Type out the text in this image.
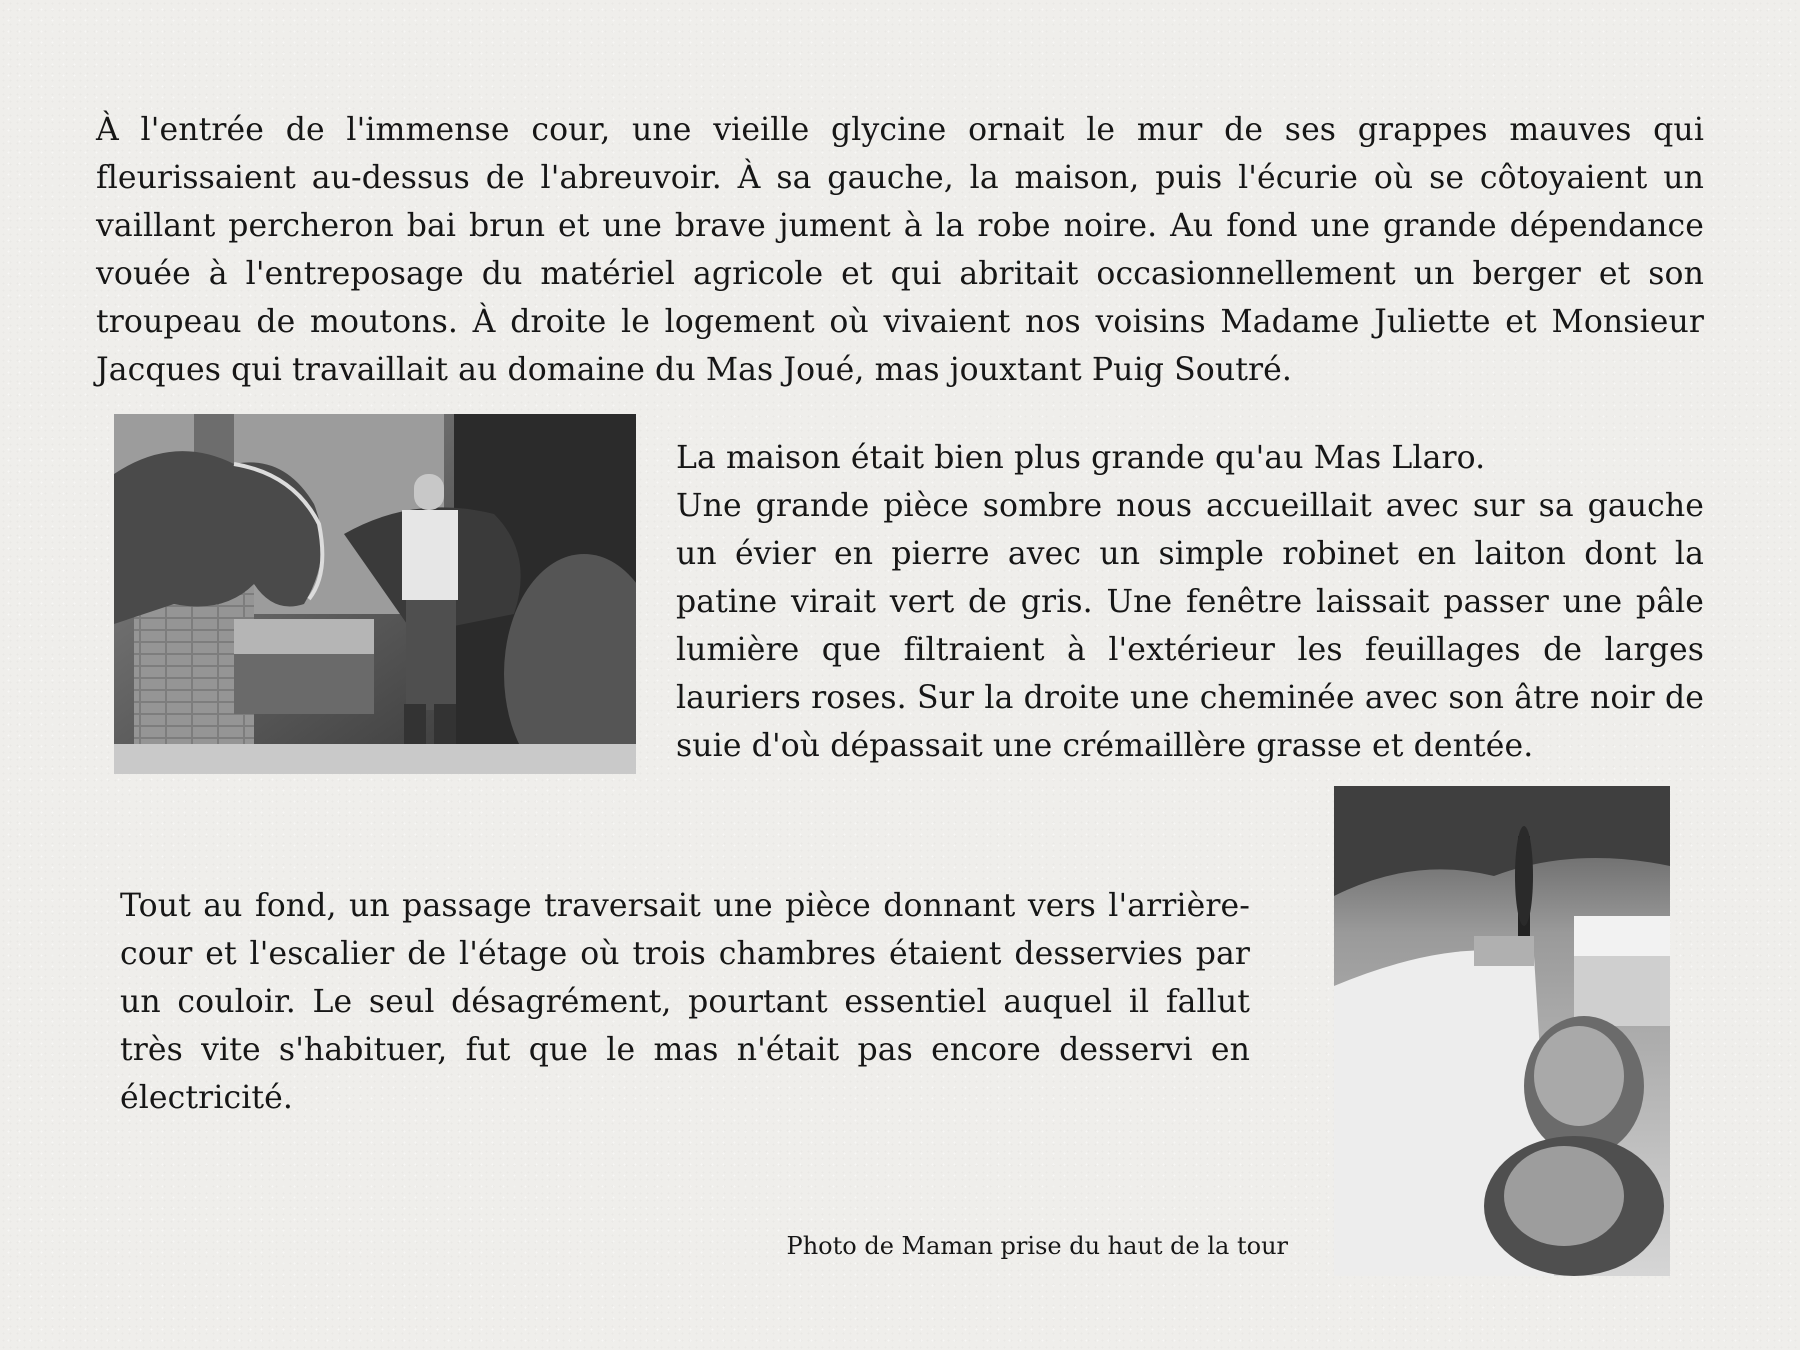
À l'entrée de l'immense cour, une vieille glycine ornait le mur de ses grappes mauves qui fleurissaient au-dessus de l'abreuvoir. À sa gauche, la maison, puis l'écurie où se côtoyaient un vaillant percheron bai brun et une brave jument à la robe noire. Au fond une grande dépendance vouée à l'entreposage du matériel agricole et qui abritait occasionnellement un berger et son troupeau de moutons. À droite le logement où vivaient nos voisins Madame Juliette et Monsieur Jacques qui travaillait au domaine du Mas Joué, mas jouxtant Puig Soutré.

La maison était bien plus grande qu'au Mas Llaro.
Une grande pièce sombre nous accueillait avec sur sa gauche un évier en pierre avec un simple robinet en laiton dont la patine virait vert de gris. Une fenêtre laissait passer une pâle lumière que filtraient à l'extérieur les feuillages de larges lauriers roses. Sur la droite une cheminée avec son âtre noir de suie d'où dépassait une crémaillère grasse et dentée.

Tout au fond, un passage traversait une pièce donnant vers l'arrière-cour et l'escalier de l'étage où trois chambres étaient desservies par un couloir. Le seul désagrément, pourtant essentiel auquel il fallut très vite s'habituer, fut que le mas n'était pas encore desservi en électricité.

Photo de Maman prise du haut de la tour
